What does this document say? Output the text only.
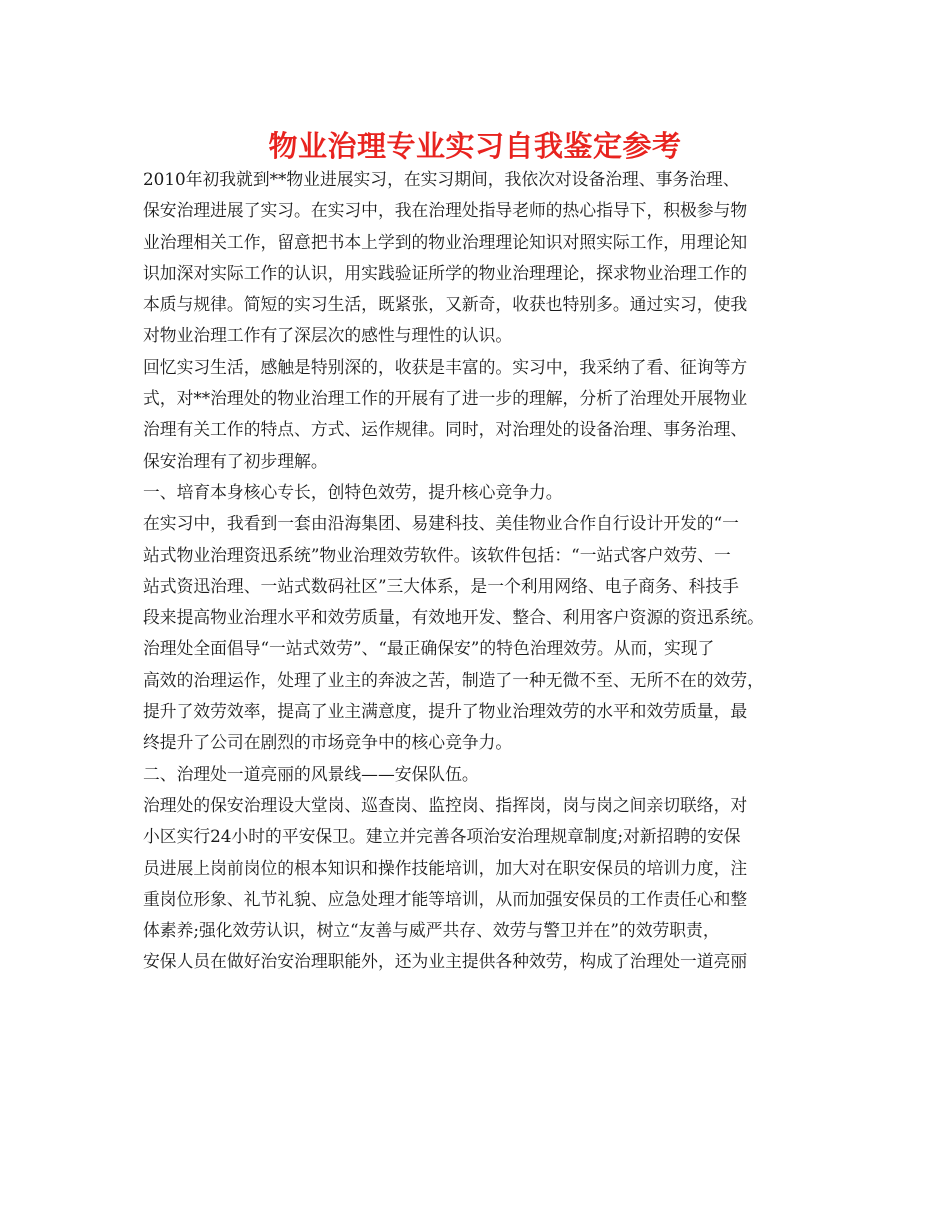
物业治理专业实习自我鉴定参考
2010年初我就到**物业进展实习，在实习期间，我依次对设备治理、事务治理、
保安治理进展了实习。在实习中，我在治理处指导老师的热心指导下，积极参与物
业治理相关工作，留意把书本上学到的物业治理理论知识对照实际工作，用理论知
识加深对实际工作的认识，用实践验证所学的物业治理理论，探求物业治理工作的
本质与规律。简短的实习生活，既紧张，又新奇，收获也特别多。通过实习，使我
对物业治理工作有了深层次的感性与理性的认识。
回忆实习生活，感触是特别深的，收获是丰富的。实习中，我采纳了看、征询等方
式，对**治理处的物业治理工作的开展有了进一步的理解，分析了治理处开展物业
治理有关工作的特点、方式、运作规律。同时，对治理处的设备治理、事务治理、
保安治理有了初步理解。
一、培育本身核心专长，创特色效劳，提升核心竞争力。
在实习中，我看到一套由沿海集团、易建科技、美佳物业合作自行设计开发的“一
站式物业治理资迅系统”物业治理效劳软件。该软件包括：“一站式客户效劳、一
站式资迅治理、一站式数码社区”三大体系，是一个利用网络、电子商务、科技手
段来提高物业治理水平和效劳质量，有效地开发、整合、利用客户资源的资迅系统。
治理处全面倡导“一站式效劳”、“最正确保安”的特色治理效劳。从而，实现了
高效的治理运作，处理了业主的奔波之苦，制造了一种无微不至、无所不在的效劳，
提升了效劳效率，提高了业主满意度，提升了物业治理效劳的水平和效劳质量，最
终提升了公司在剧烈的市场竞争中的核心竞争力。
二、治理处一道亮丽的风景线——安保队伍。
治理处的保安治理设大堂岗、巡查岗、监控岗、指挥岗，岗与岗之间亲切联络，对
小区实行24小时的平安保卫。建立并完善各项治安治理规章制度;对新招聘的安保
员进展上岗前岗位的根本知识和操作技能培训，加大对在职安保员的培训力度，注
重岗位形象、礼节礼貌、应急处理才能等培训，从而加强安保员的工作责任心和整
体素养;强化效劳认识，树立“友善与威严共存、效劳与警卫并在”的效劳职责，
安保人员在做好治安治理职能外，还为业主提供各种效劳，构成了治理处一道亮丽
